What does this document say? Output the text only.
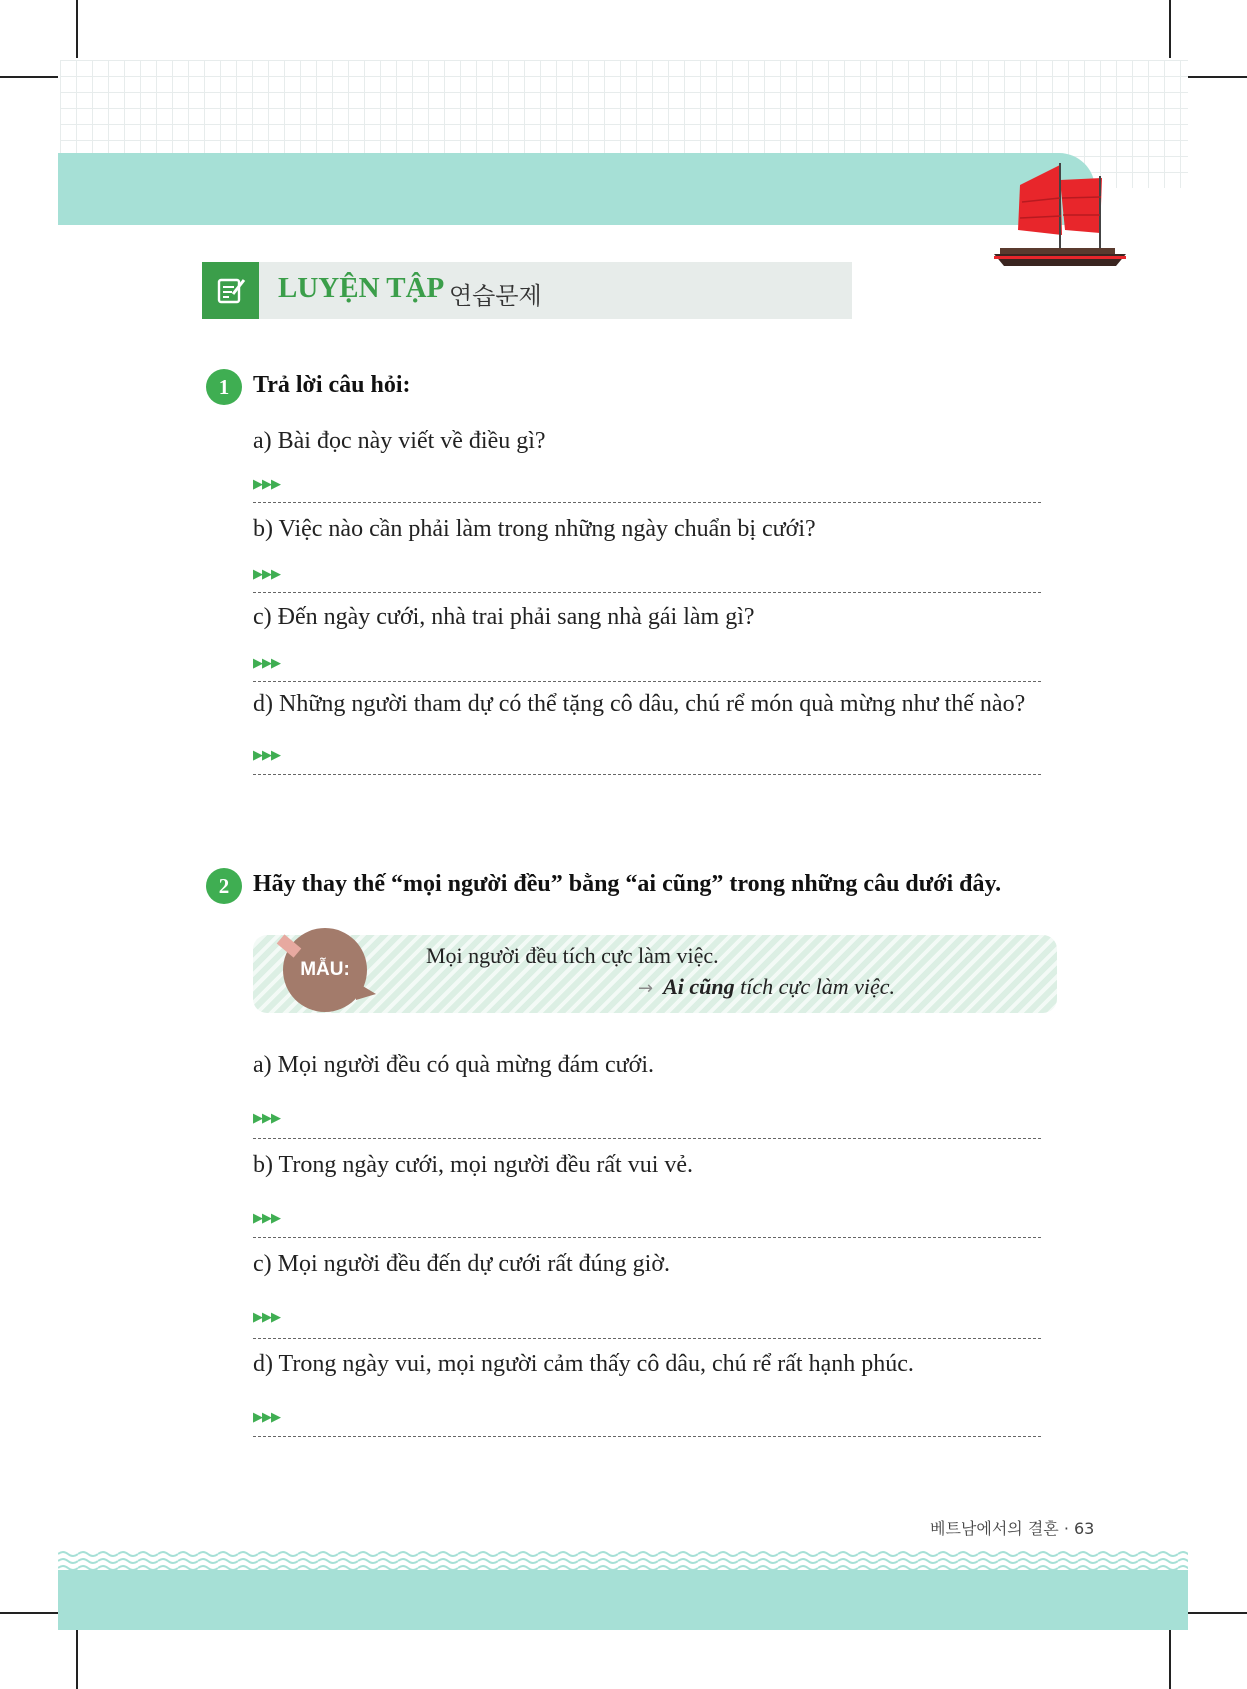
LUYỆN TẬP 연습문제
1 Trả lời câu hỏi:
a) Bài đọc này viết về điều gì?
▶▶▶
b) Việc nào cần phải làm trong những ngày chuẩn bị cưới?
▶▶▶
c) Đến ngày cưới, nhà trai phải sang nhà gái làm gì?
▶▶▶
d) Những người tham dự có thể tặng cô dâu, chú rể món quà mừng như thế nào?
▶▶▶
2 Hãy thay thế “mọi người đều” bằng “ai cũng” trong những câu dưới đây.
MẪU:
Mọi người đều tích cực làm việc.
→ Ai cũng tích cực làm việc.
a) Mọi người đều có quà mừng đám cưới.
▶▶▶
b) Trong ngày cưới, mọi người đều rất vui vẻ.
▶▶▶
c) Mọi người đều đến dự cưới rất đúng giờ.
▶▶▶
d) Trong ngày vui, mọi người cảm thấy cô dâu, chú rể rất hạnh phúc.
▶▶▶
베트남에서의 결혼 · 63
